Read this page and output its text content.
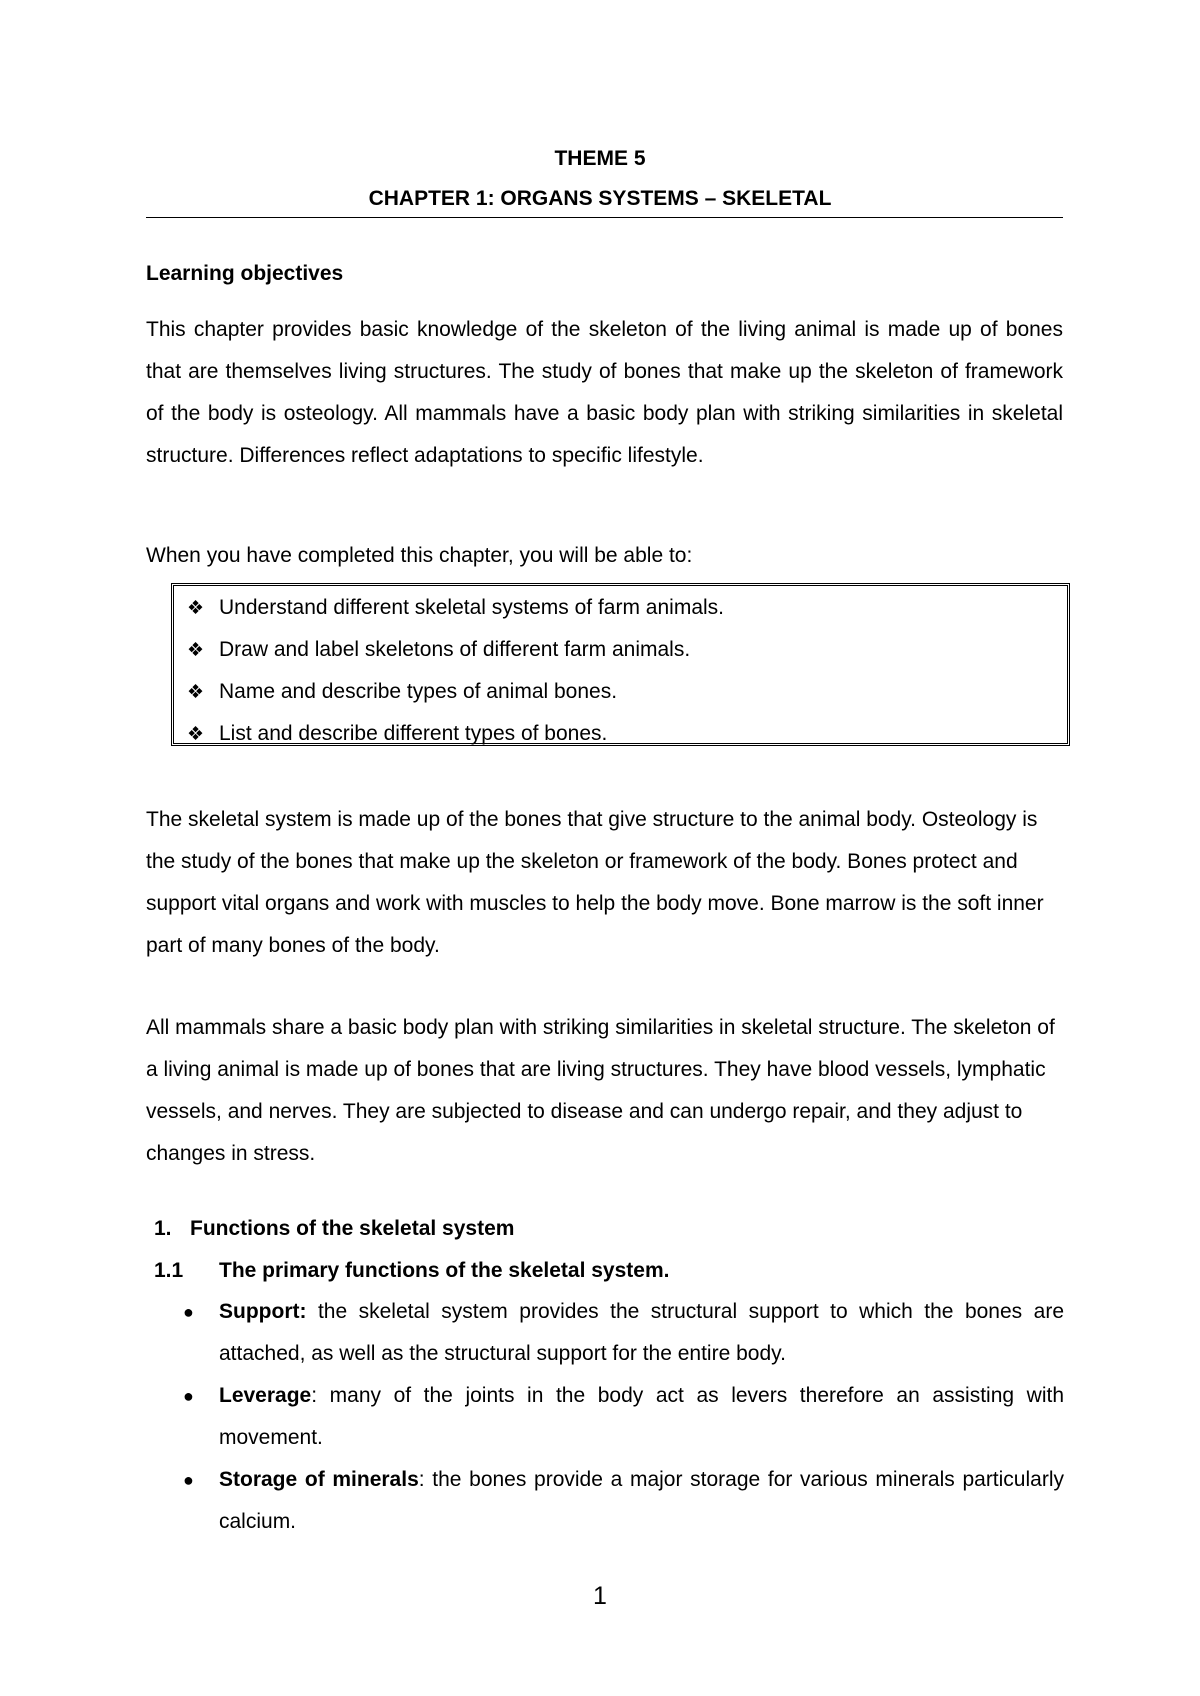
THEME 5
CHAPTER 1: ORGANS SYSTEMS – SKELETAL
Learning objectives
This chapter provides basic knowledge of the skeleton of the living animal is made up of bones that are themselves living structures. The study of bones that make up the skeleton of framework of the body is osteology. All mammals have a basic body plan with striking similarities in skeletal structure. Differences reflect adaptations to specific lifestyle.
When you have completed this chapter, you will be able to:
❖ Understand different skeletal systems of farm animals.
❖ Draw and label skeletons of different farm animals.
❖ Name and describe types of animal bones.
❖ List and describe different types of bones.
The skeletal system is made up of the bones that give structure to the animal body. Osteology is the study of the bones that make up the skeleton or framework of the body. Bones protect and support vital organs and work with muscles to help the body move. Bone marrow is the soft inner part of many bones of the body.
All mammals share a basic body plan with striking similarities in skeletal structure. The skeleton of a living animal is made up of bones that are living structures. They have blood vessels, lymphatic vessels, and nerves. They are subjected to disease and can undergo repair, and they adjust to changes in stress.
1. Functions of the skeletal system
1.1 The primary functions of the skeletal system.
● Support: the skeletal system provides the structural support to which the bones are attached, as well as the structural support for the entire body.
● Leverage: many of the joints in the body act as levers therefore an assisting with movement.
● Storage of minerals: the bones provide a major storage for various minerals particularly calcium.
1
